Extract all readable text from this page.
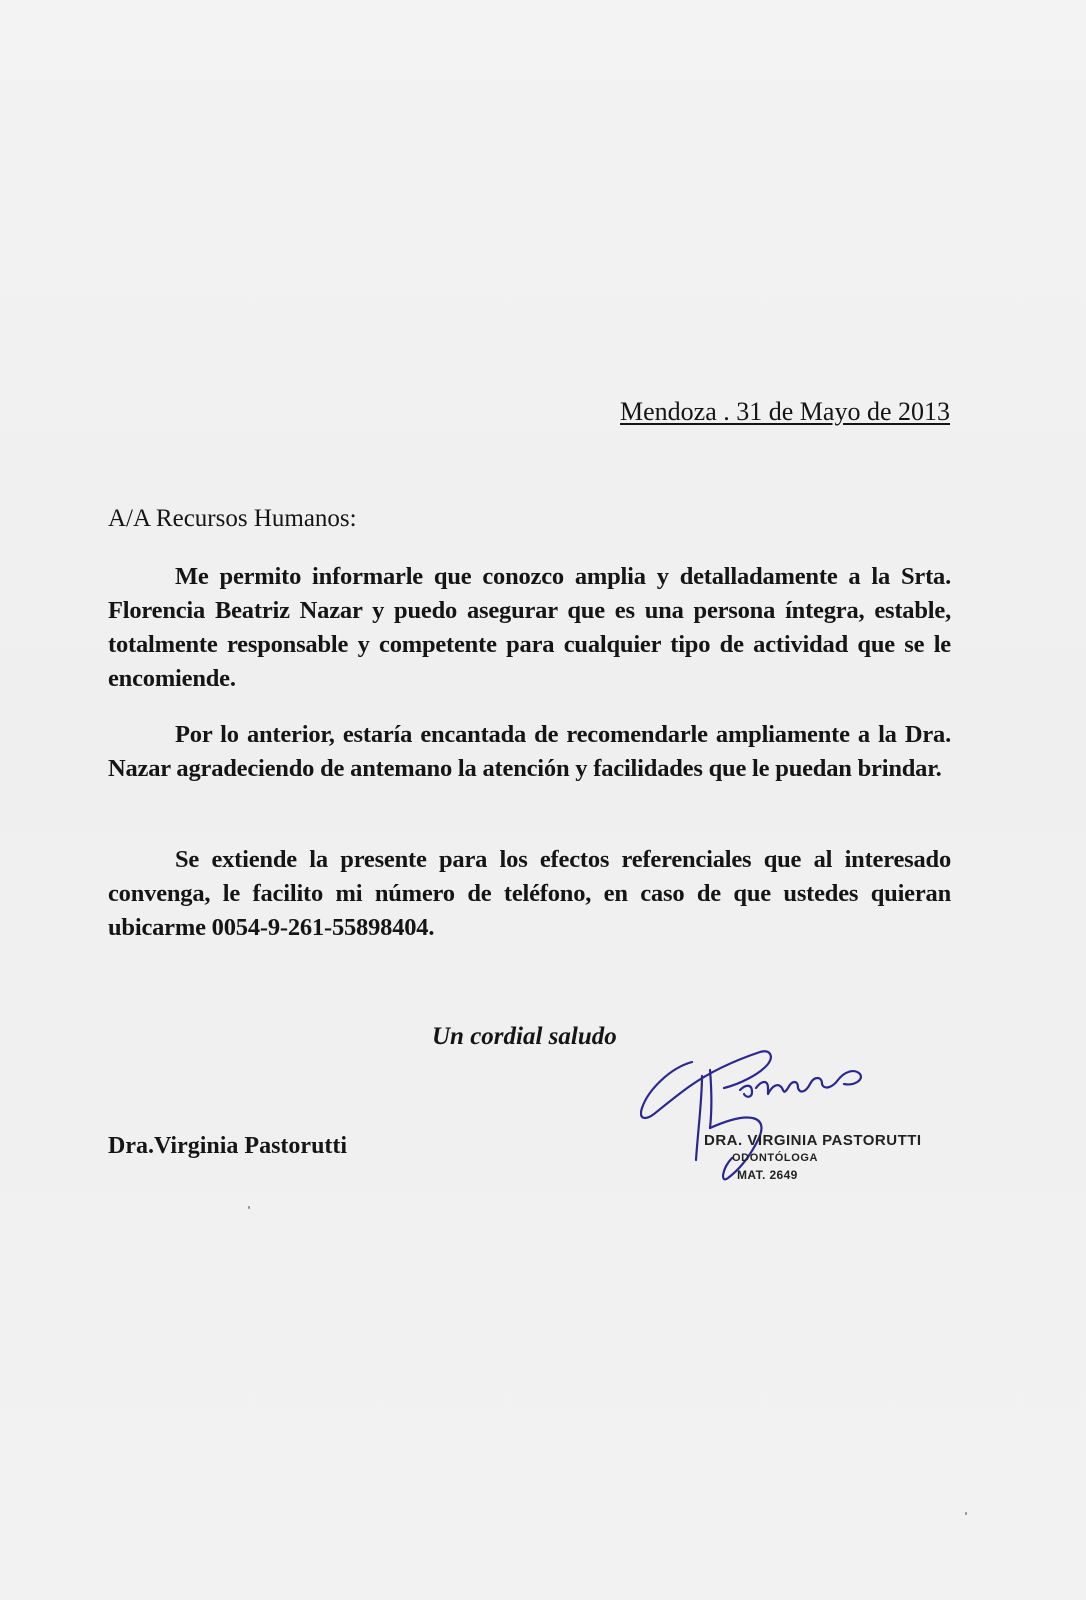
Mendoza . 31 de Mayo de 2013
A/A Recursos Humanos:

Me permito informarle que conozco amplia y detalladamente a la Srta. Florencia Beatriz Nazar y puedo asegurar que es una persona íntegra, estable, totalmente responsable y competente para cualquier tipo de actividad que se le encomiende.

Por lo anterior, estaría encantada de recomendarle ampliamente a la Dra. Nazar agradeciendo de antemano la atención y facilidades que le puedan brindar.

Se extiende la presente para los efectos referenciales que al interesado convenga, le facilito mi número de teléfono, en caso de que ustedes quieran ubicarme 0054-9-261-55898404.

Un cordial saludo
Dra.Virginia Pastorutti	DRA. VIRGINIA PASTORUTTI
ODONTÓLOGA
MAT. 2649
